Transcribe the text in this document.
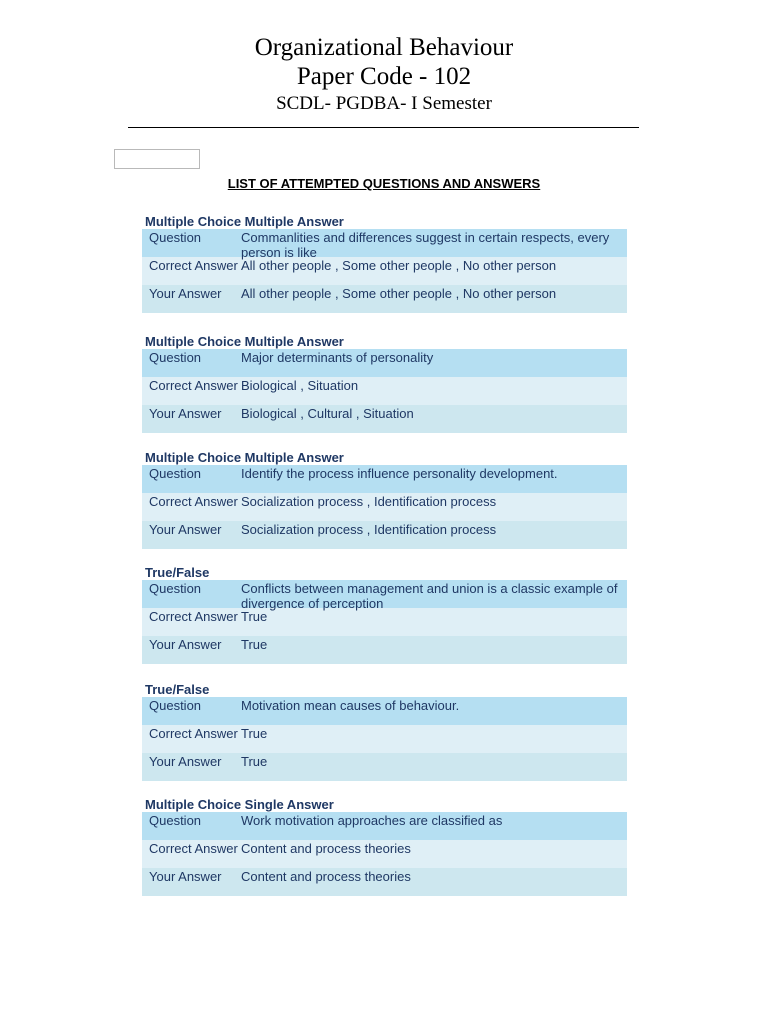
Organizational Behaviour
Paper Code - 102
SCDL- PGDBA- I Semester
LIST OF ATTEMPTED QUESTIONS AND ANSWERS
Multiple Choice Multiple Answer
Question	Commanlities and differences suggest in certain respects, every person is like
Correct Answer All other people , Some other people , No other person
Your Answer	All other people , Some other people , No other person
Multiple Choice Multiple Answer
Question	Major determinants of personality
Correct Answer Biological , Situation
Your Answer	Biological , Cultural , Situation
Multiple Choice Multiple Answer
Question	Identify the process influence personality development.
Correct Answer Socialization process , Identification process
Your Answer	Socialization process , Identification process
True/False
Question	Conflicts between management and union is a classic example of divergence of perception
Correct Answer True
Your Answer	True
True/False
Question	Motivation mean causes of behaviour.
Correct Answer True
Your Answer	True
Multiple Choice Single Answer
Question	Work motivation approaches are classified as
Correct Answer Content and process theories
Your Answer	Content and process theories
